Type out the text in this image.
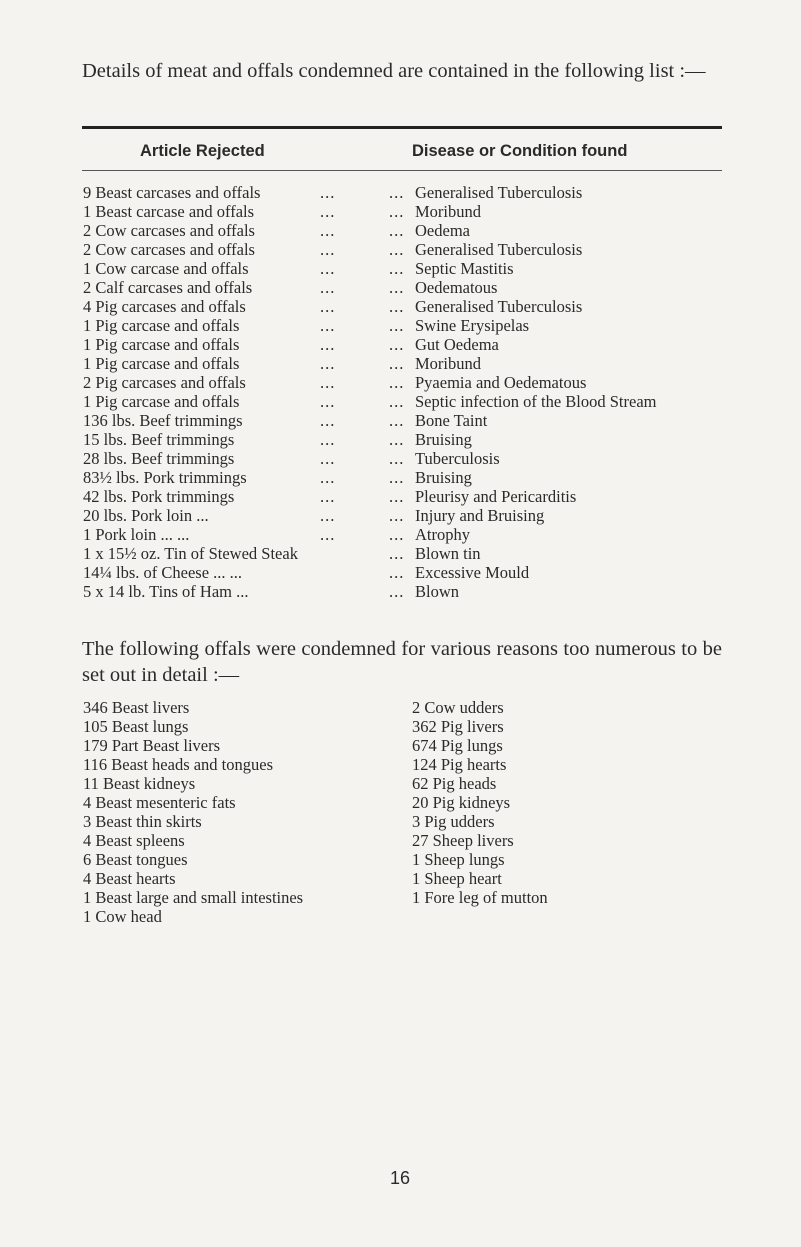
Details of meat and offals condemned are contained in the following list :—

Article Rejected	Disease or Condition found

9 Beast carcases and offals	...	... Generalised Tuberculosis
1 Beast carcase and offals	...	... Moribund
2 Cow carcases and offals	...	... Oedema
2 Cow carcases and offals	...	... Generalised Tuberculosis
1 Cow carcase and offals	...	... Septic Mastitis
2 Calf carcases and offals	...	... Oedematous
4 Pig carcases and offals	...	... Generalised Tuberculosis
1 Pig carcase and offals	...	... Swine Erysipelas
1 Pig carcase and offals	...	... Gut Oedema
1 Pig carcase and offals	...	... Moribund
2 Pig carcases and offals	...	... Pyaemia and Oedematous
1 Pig carcase and offals	...	... Septic infection of the Blood Stream
136 lbs. Beef trimmings	...	... Bone Taint
15 lbs. Beef trimmings	...	... Bruising
28 lbs. Beef trimmings	...	... Tuberculosis
83½ lbs. Pork trimmings	...	... Bruising
42 lbs. Pork trimmings	...	... Pleurisy and Pericarditis
20 lbs. Pork loin ...	...	... Injury and Bruising
1 Pork loin ... ...	...	... Atrophy
1 x 15½ oz. Tin of Stewed Steak	... Blown tin
14¼ lbs. of Cheese ... ...	... Excessive Mould
5 x 14 lb. Tins of Ham ...	... Blown

The following offals were condemned for various reasons too numerous to be set out in detail :—

346 Beast livers
105 Beast lungs
179 Part Beast livers
116 Beast heads and tongues
11 Beast kidneys
4 Beast mesenteric fats
3 Beast thin skirts
4 Beast spleens
6 Beast tongues
4 Beast hearts
1 Beast large and small intestines
1 Cow head
2 Cow udders
362 Pig livers
674 Pig lungs
124 Pig hearts
62 Pig heads
20 Pig kidneys
3 Pig udders
27 Sheep livers
1 Sheep lungs
1 Sheep heart
1 Fore leg of mutton

16
